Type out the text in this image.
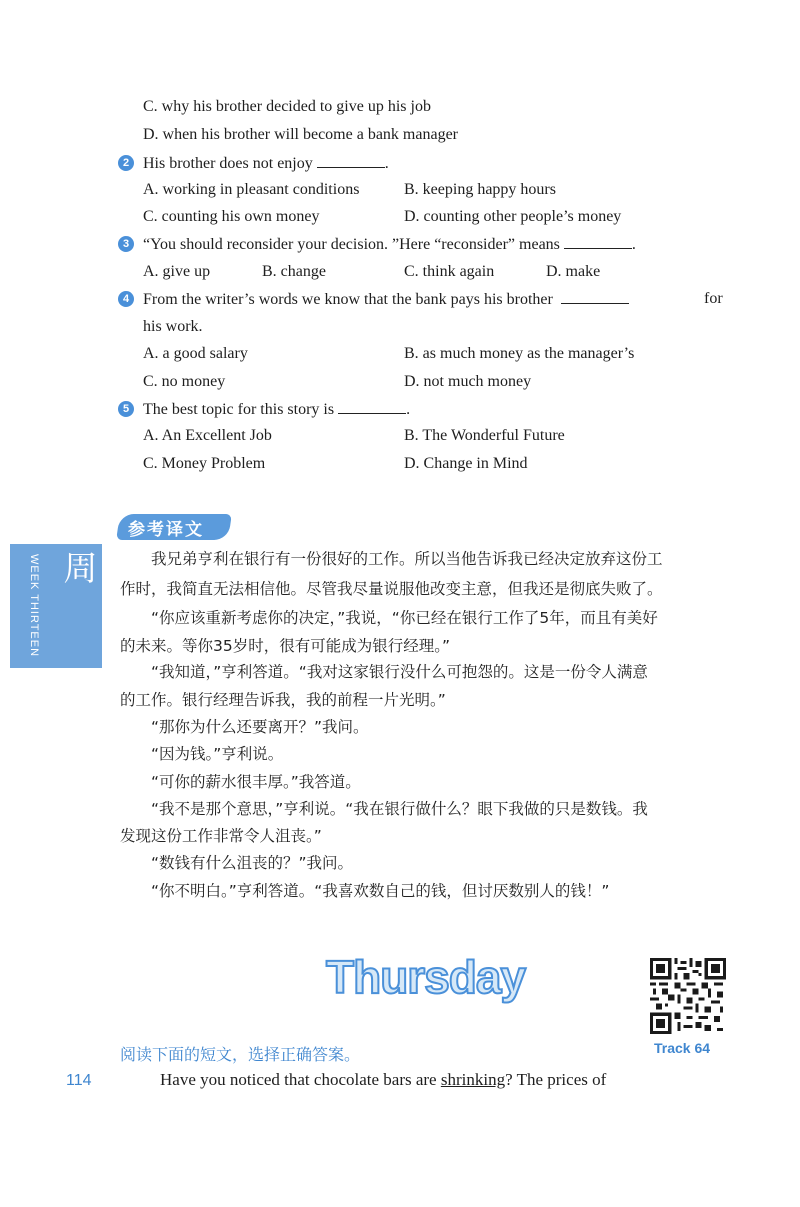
C. why his brother decided to give up his job
D. when his brother will become a bank manager
2 His brother does not enjoy	.
A. working in pleasant conditions	B. keeping happy hours
C. counting his own money	D. counting other people’s money
3 “You should reconsider your decision. ”Here “reconsider” means	.
A. give up	B. change	C. think again	D. make
4 From the writer’s words we know that the bank pays his brother	for
his work.
A. a good salary	B. as much money as the manager’s
C. no money	D. not much money
5 The best topic for this story is	.
A. An Excellent Job	B. The Wonderful Future
C. Money Problem	D. Change in Mind
参考译文
第13周
WEEK THIRTEEN	　　我兄弟亨利在银行有一份很好的工作。所以当他告诉我已经决定放弃这份工
作时，我简直无法相信他。尽管我尽量说服他改变主意，但我还是彻底失败了。
　　“你应该重新考虑你的决定，”我说，“你已经在银行工作了5年，而且有美好
的未来。等你35岁时，很有可能成为银行经理。”
　　“我知道，”亨利答道。“我对这家银行没什么可抱怨的。这是一份令人满意
的工作。银行经理告诉我，我的前程一片光明。”
　　“那你为什么还要离开？”我问。
　　“因为钱。”亨利说。
　　“可你的薪水很丰厚。”我答道。
　　“我不是那个意思，”亨利说。“我在银行做什么？眼下我做的只是数钱。我
发现这份工作非常令人沮丧。”
　　“数钱有什么沮丧的？”我问。
　　“你不明白。”亨利答道。“我喜欢数自己的钱，但讨厌数别人的钱！”
Thursday
Track 64
阅读下面的短文，选择正确答案。
114	Have you noticed that chocolate bars are shrinking? The prices of
